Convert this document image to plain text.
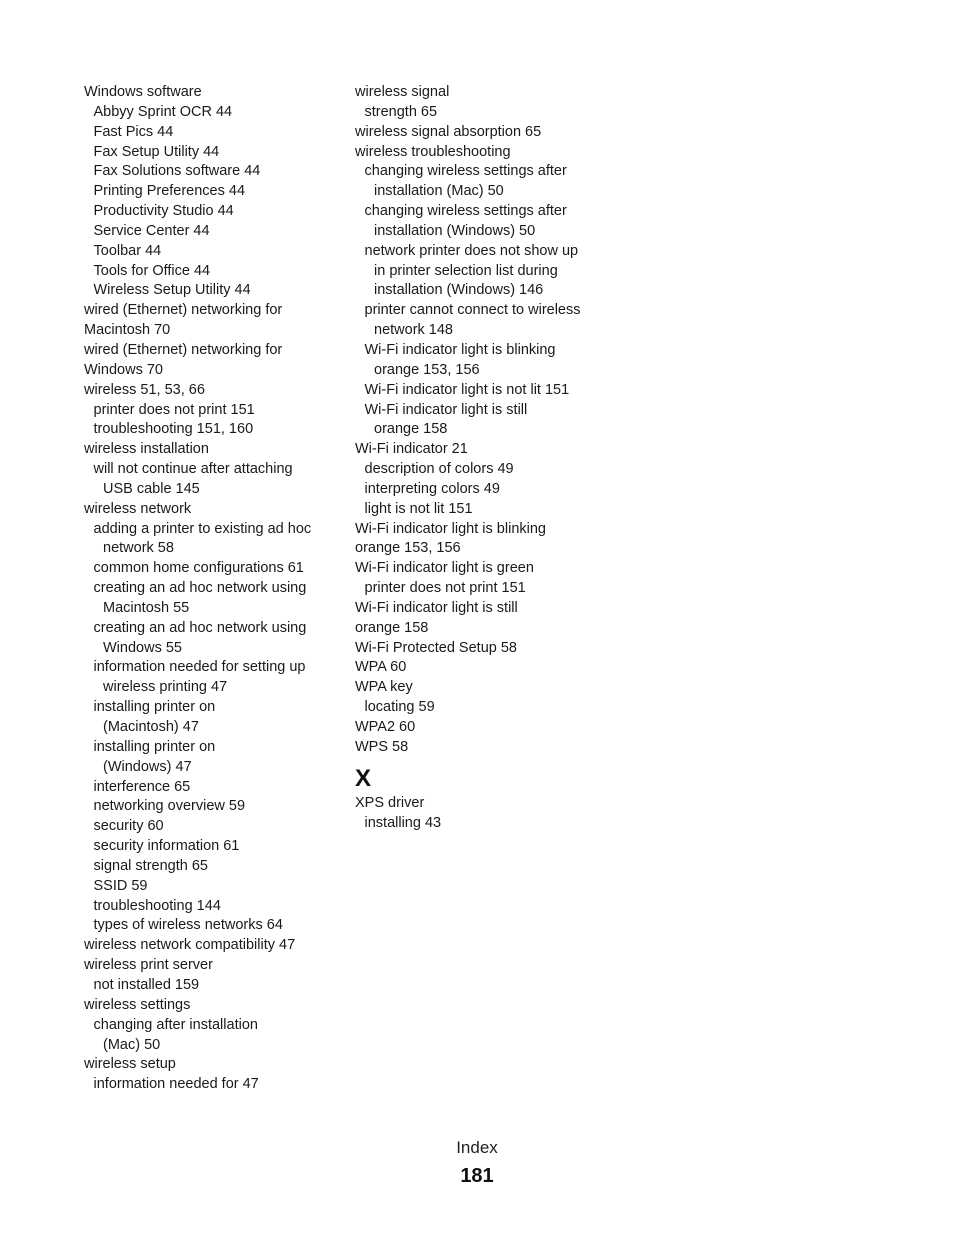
Windows software
Abbyy Sprint OCR 44
Fast Pics 44
Fax Setup Utility 44
Fax Solutions software 44
Printing Preferences 44
Productivity Studio 44
Service Center 44
Toolbar 44
Tools for Office 44
Wireless Setup Utility 44
wired (Ethernet) networking for
Macintosh 70
wired (Ethernet) networking for
Windows 70
wireless 51, 53, 66
printer does not print 151
troubleshooting 151, 160
wireless installation
will not continue after attaching
USB cable 145
wireless network
adding a printer to existing ad hoc
network 58
common home configurations 61
creating an ad hoc network using
Macintosh 55
creating an ad hoc network using
Windows 55
information needed for setting up
wireless printing 47
installing printer on
(Macintosh) 47
installing printer on
(Windows) 47
interference 65
networking overview 59
security 60
security information 61
signal strength 65
SSID 59
troubleshooting 144
types of wireless networks 64
wireless network compatibility 47
wireless print server
not installed 159
wireless settings
changing after installation
(Mac) 50
wireless setup
information needed for 47
wireless signal
strength 65
wireless signal absorption 65
wireless troubleshooting
changing wireless settings after
installation (Mac) 50
changing wireless settings after
installation (Windows) 50
network printer does not show up
in printer selection list during
installation (Windows) 146
printer cannot connect to wireless
network 148
Wi-Fi indicator light is blinking
orange 153, 156
Wi-Fi indicator light is not lit 151
Wi-Fi indicator light is still
orange 158
Wi-Fi indicator 21
description of colors 49
interpreting colors 49
light is not lit 151
Wi-Fi indicator light is blinking
orange 153, 156
Wi-Fi indicator light is green
printer does not print 151
Wi-Fi indicator light is still
orange 158
Wi-Fi Protected Setup 58
WPA 60
WPA key
locating 59
WPA2 60
WPS 58
X
XPS driver
installing 43
Index
181
